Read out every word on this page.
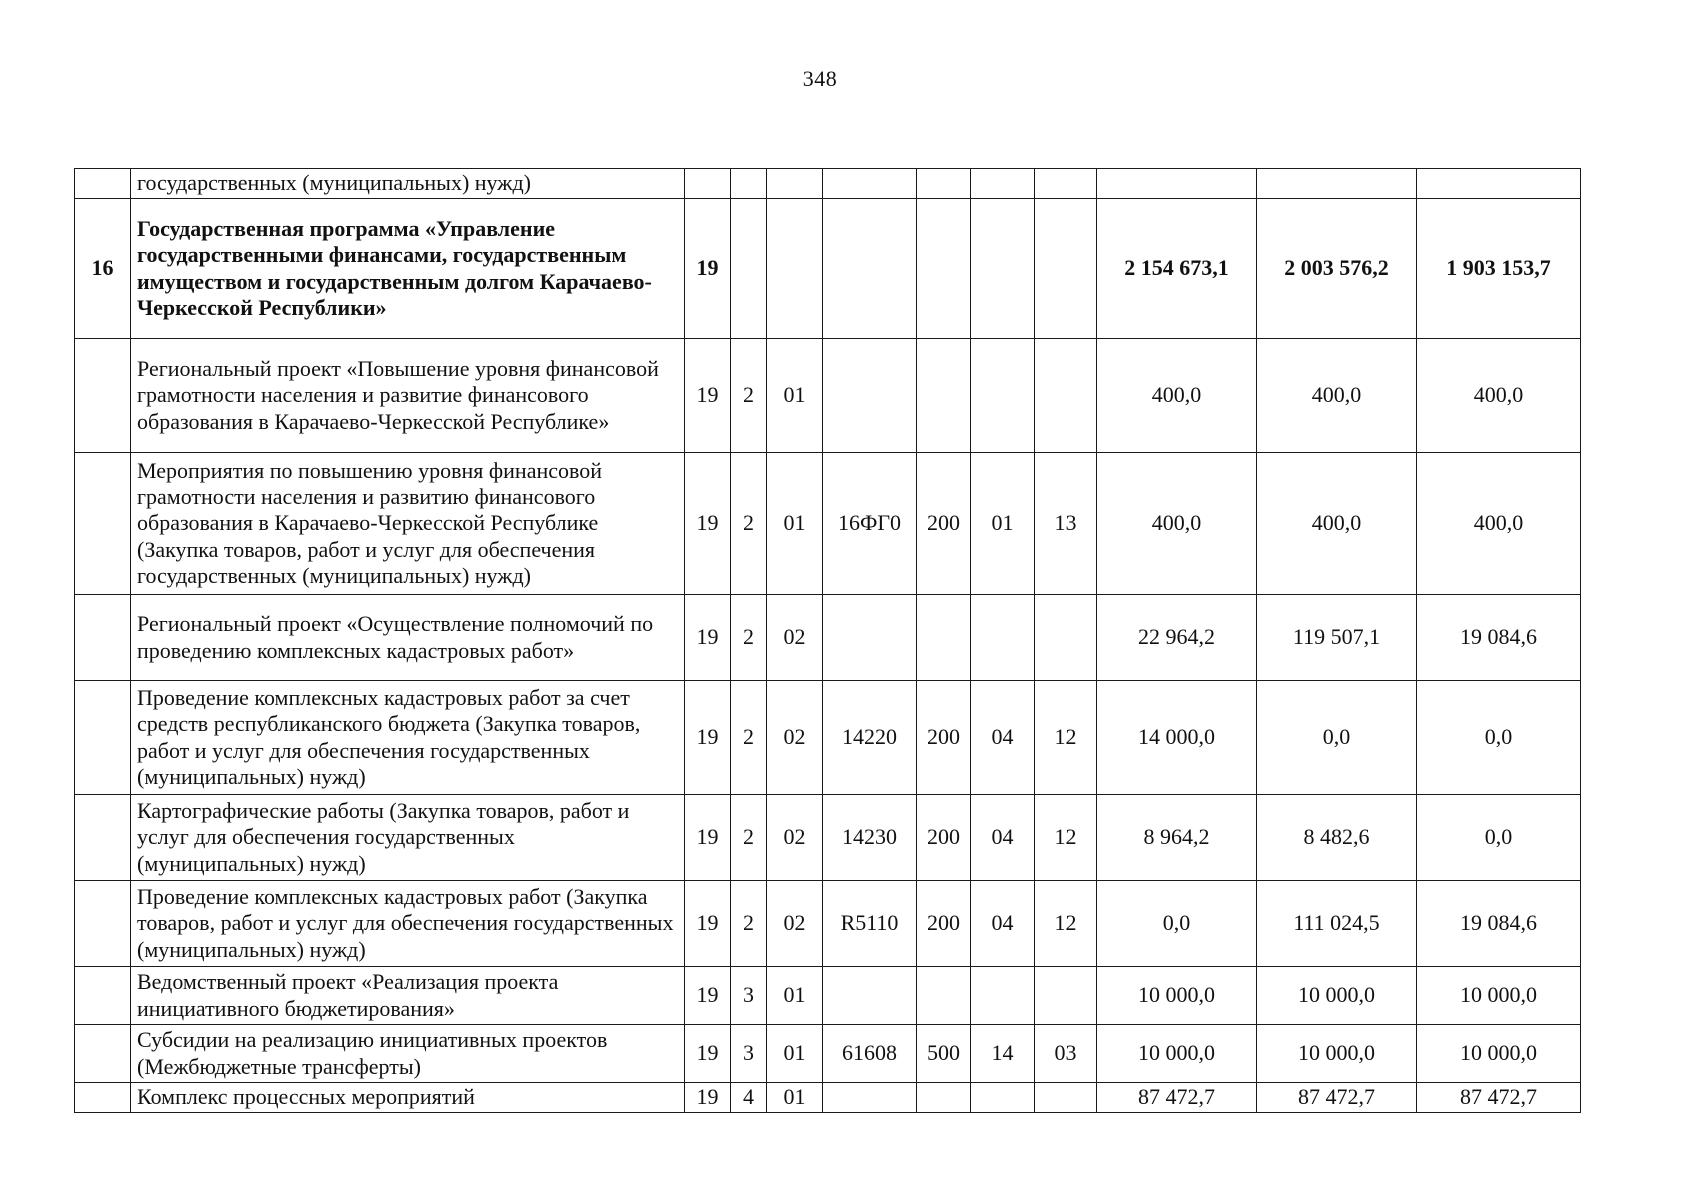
348
	государственных (муниципальных) нужд)										
16	Государственная программа «Управление государственными финансами, государственным имуществом и государственным долгом Карачаево-Черкесской Республики»	19							2 154 673,1	2 003 576,2	1 903 153,7
	Региональный проект «Повышение уровня финансовой грамотности населения и развитие финансового образования в Карачаево-Черкесской Республике»	19	2	01					400,0	400,0	400,0
	Мероприятия по повышению уровня финансовой грамотности населения и развитию финансового образования в Карачаево-Черкесской Республике (Закупка товаров, работ и услуг для обеспечения государственных (муниципальных) нужд)	19	2	01	16ФГ0	200	01	13	400,0	400,0	400,0
	Региональный проект «Осуществление полномочий по проведению комплексных кадастровых работ»	19	2	02					22 964,2	119 507,1	19 084,6
	Проведение комплексных кадастровых работ за счет средств республиканского бюджета (Закупка товаров, работ и услуг для обеспечения государственных (муниципальных) нужд)	19	2	02	14220	200	04	12	14 000,0	0,0	0,0
	Картографические работы (Закупка товаров, работ и услуг для обеспечения государственных (муниципальных) нужд)	19	2	02	14230	200	04	12	8 964,2	8 482,6	0,0
	Проведение комплексных кадастровых работ (Закупка товаров, работ и услуг для обеспечения государственных (муниципальных) нужд)	19	2	02	R5110	200	04	12	0,0	111 024,5	19 084,6
	Ведомственный проект «Реализация проекта инициативного бюджетирования»	19	3	01					10 000,0	10 000,0	10 000,0
	Субсидии на реализацию инициативных проектов (Межбюджетные трансферты)	19	3	01	61608	500	14	03	10 000,0	10 000,0	10 000,0
	Комплекс процессных мероприятий	19	4	01					87 472,7	87 472,7	87 472,7
